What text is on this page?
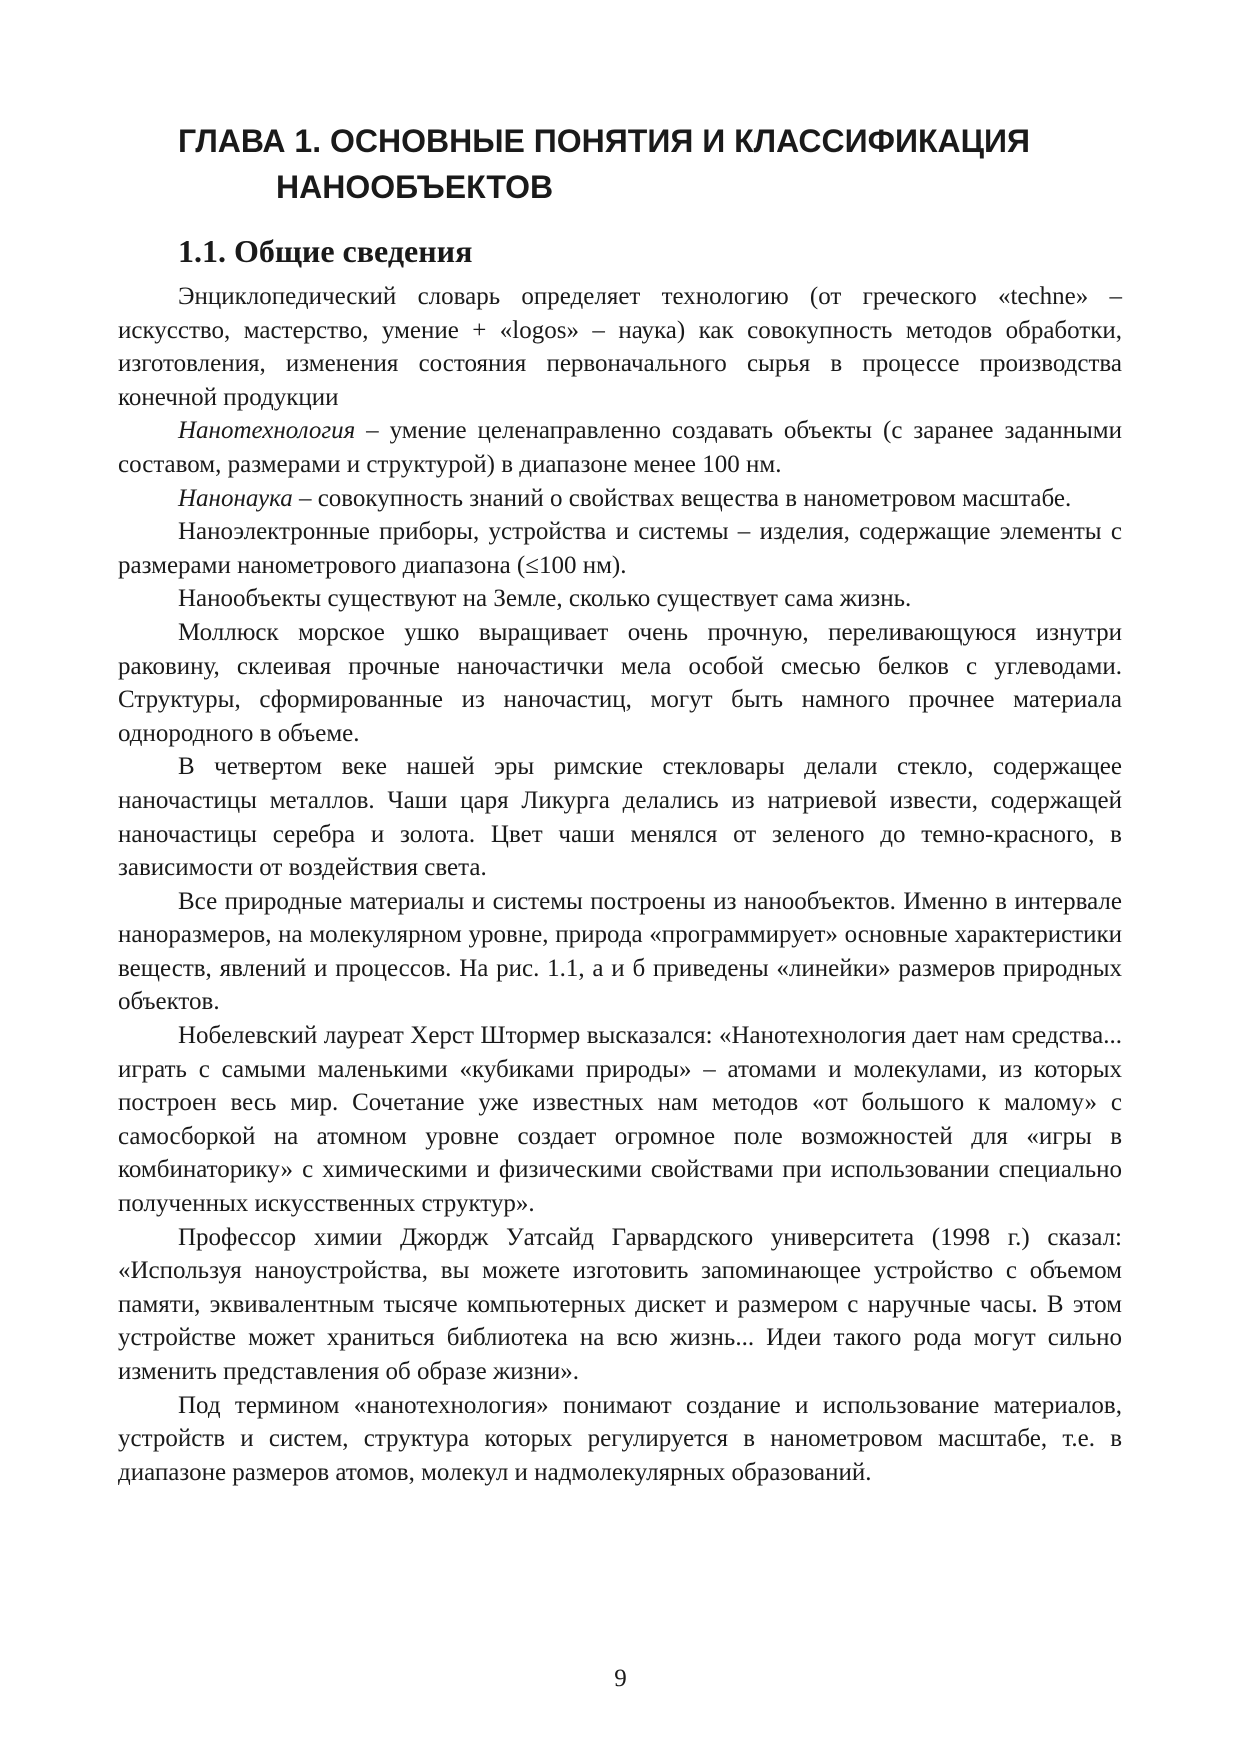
ГЛАВА 1. ОСНОВНЫЕ ПОНЯТИЯ И КЛАССИФИКАЦИЯ
НАНООБЪЕКТОВ
1.1. Общие сведения

Энциклопедический словарь определяет технологию (от греческого «techne» – искусство, мастерство, умение + «logos» – наука) как совокупность методов обработки, изготовления, изменения состояния первоначального сырья в процессе производства конечной продукции

Нанотехнология – умение целенаправленно создавать объекты (с заранее заданными составом, размерами и структурой) в диапазоне менее 100 нм.

Нанонаука – совокупность знаний о свойствах вещества в нанометровом масштабе.

Наноэлектронные приборы, устройства и системы – изделия, содержащие элементы с размерами нанометрового диапазона (≤100 нм).

Нанообъекты существуют на Земле, сколько существует сама жизнь.

Моллюск морское ушко выращивает очень прочную, переливающуюся изнутри раковину, склеивая прочные наночастички мела особой смесью белков с углеводами. Структуры, сформированные из наночастиц, могут быть намного прочнее материала однородного в объеме.

В четвертом веке нашей эры римские стекловары делали стекло, содержащее наночастицы металлов. Чаши царя Ликурга делались из натриевой извести, содержащей наночастицы серебра и золота. Цвет чаши менялся от зеленого до темно-красного, в зависимости от воздействия света.

Все природные материалы и системы построены из нанообъектов. Именно в интервале наноразмеров, на молекулярном уровне, природа «программирует» основные характеристики веществ, явлений и процессов. На рис. 1.1, а и б приведены «линейки» размеров природных объектов.

Нобелевский лауреат Херст Штормер высказался: «Нанотехнология дает нам средства... играть с самыми маленькими «кубиками природы» – атомами и молекулами, из которых построен весь мир. Сочетание уже известных нам методов «от большого к малому» с самосборкой на атомном уровне создает огромное поле возможностей для «игры в комбинаторику» с химическими и физическими свойствами при использовании специально полученных искусственных структур».

Профессор химии Джордж Уатсайд Гарвардского университета (1998 г.) сказал: «Используя наноустройства, вы можете изготовить запоминающее устройство с объемом памяти, эквивалентным тысяче компьютерных дискет и размером с наручные часы. В этом устройстве может храниться библиотека на всю жизнь... Идеи такого рода могут сильно изменить представления об образе жизни».

Под термином «нанотехнология» понимают создание и использование материалов, устройств и систем, структура которых регулируется в нанометровом масштабе, т.е. в диапазоне размеров атомов, молекул и надмолекулярных образований.

9
